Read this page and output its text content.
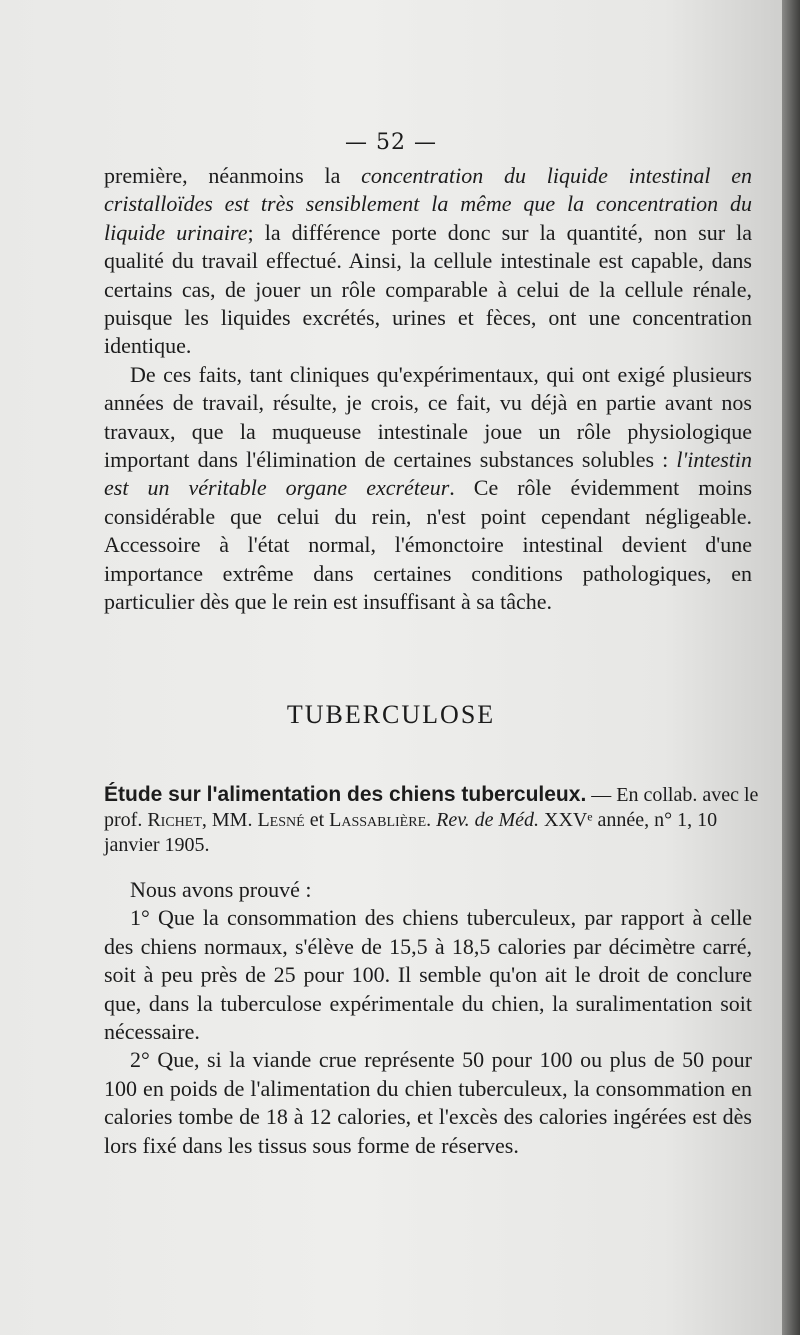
— 52 —

première, néanmoins la concentration du liquide intestinal en cristalloïdes est très sensiblement la même que la concentration du liquide urinaire; la différence porte donc sur la quantité, non sur la qualité du travail effectué. Ainsi, la cellule intestinale est capable, dans certains cas, de jouer un rôle comparable à celui de la cellule rénale, puisque les liquides excrétés, urines et fèces, ont une concentration identique.

De ces faits, tant cliniques qu'expérimentaux, qui ont exigé plusieurs années de travail, résulte, je crois, ce fait, vu déjà en partie avant nos travaux, que la muqueuse intestinale joue un rôle physiologique important dans l'élimination de certaines substances solubles : l'intestin est un véritable organe excréteur. Ce rôle évidemment moins considérable que celui du rein, n'est point cependant négligeable. Accessoire à l'état normal, l'émonctoire intestinal devient d'une importance extrême dans certaines conditions pathologiques, en particulier dès que le rein est insuffisant à sa tâche.

TUBERCULOSE
Étude sur l'alimentation des chiens tuberculeux. — En collab. avec le prof. Richet, MM. Lesné et Lassablière. Rev. de Méd. XXVᵉ année, n° 1, 10 janvier 1905.

Nous avons prouvé :

1° Que la consommation des chiens tuberculeux, par rapport à celle des chiens normaux, s'élève de 15,5 à 18,5 calories par décimètre carré, soit à peu près de 25 pour 100. Il semble qu'on ait le droit de conclure que, dans la tuberculose expérimentale du chien, la suralimentation soit nécessaire.

2° Que, si la viande crue représente 50 pour 100 ou plus de 50 pour 100 en poids de l'alimentation du chien tuberculeux, la consommation en calories tombe de 18 à 12 calories, et l'excès des calories ingérées est dès lors fixé dans les tissus sous forme de réserves.
